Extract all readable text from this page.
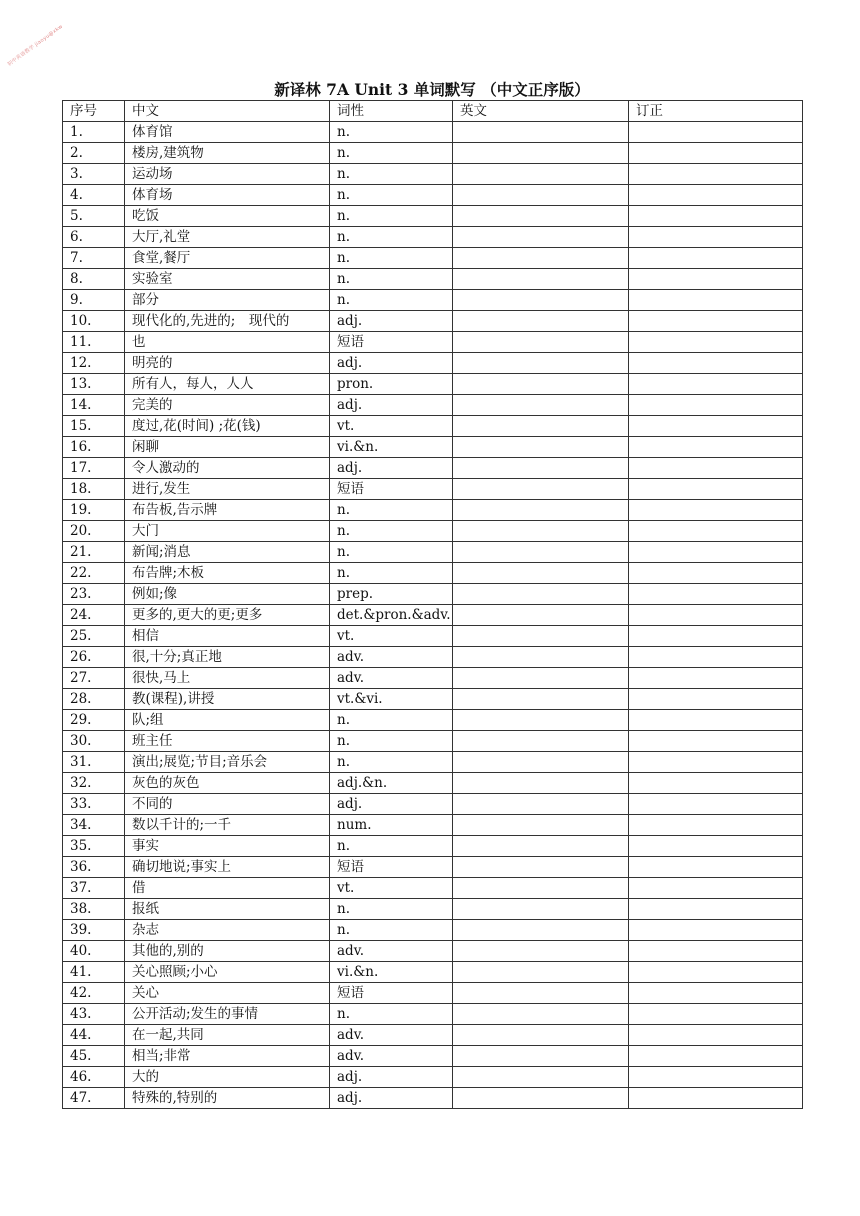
初中英语教学 jiaoyu@xkw
新译林 7A Unit 3 单词默写 （中文正序版）
序号	中文	词性	英文	订正
1.	体育馆	n.		
2.	楼房,建筑物	n.		
3.	运动场	n.		
4.	体育场	n.		
5.	吃饭	n.		
6.	大厅,礼堂	n.		
7.	食堂,餐厅	n.		
8.	实验室	n.		
9.	部分	n.		
10.	现代化的,先进的;　现代的	adj.		
11.	也	短语		
12.	明亮的	adj.		
13.	所有人，每人，人人	pron.		
14.	完美的	adj.		
15.	度过,花(时间) ;花(钱)	vt.		
16.	闲聊	vi.&n.		
17.	令人激动的	adj.		
18.	进行,发生	短语		
19.	布告板,告示牌	n.		
20.	大门	n.		
21.	新闻;消息	n.		
22.	布告牌;木板	n.		
23.	例如;像	prep.		
24.	更多的,更大的更;更多	det.&pron.&adv.		
25.	相信	vt.		
26.	很,十分;真正地	adv.		
27.	很快,马上	adv.		
28.	教(课程),讲授	vt.&vi.		
29.	队;组	n.		
30.	班主任	n.		
31.	演出;展览;节目;音乐会	n.		
32.	灰色的灰色	adj.&n.		
33.	不同的	adj.		
34.	数以千计的;一千	num.		
35.	事实	n.		
36.	确切地说;事实上	短语		
37.	借	vt.		
38.	报纸	n.		
39.	杂志	n.		
40.	其他的,别的	adv.		
41.	关心照顾;小心	vi.&n.		
42.	关心	短语		
43.	公开活动;发生的事情	n.		
44.	在一起,共同	adv.		
45.	相当;非常	adv.		
46.	大的	adj.		
47.	特殊的,特别的	adj.		
